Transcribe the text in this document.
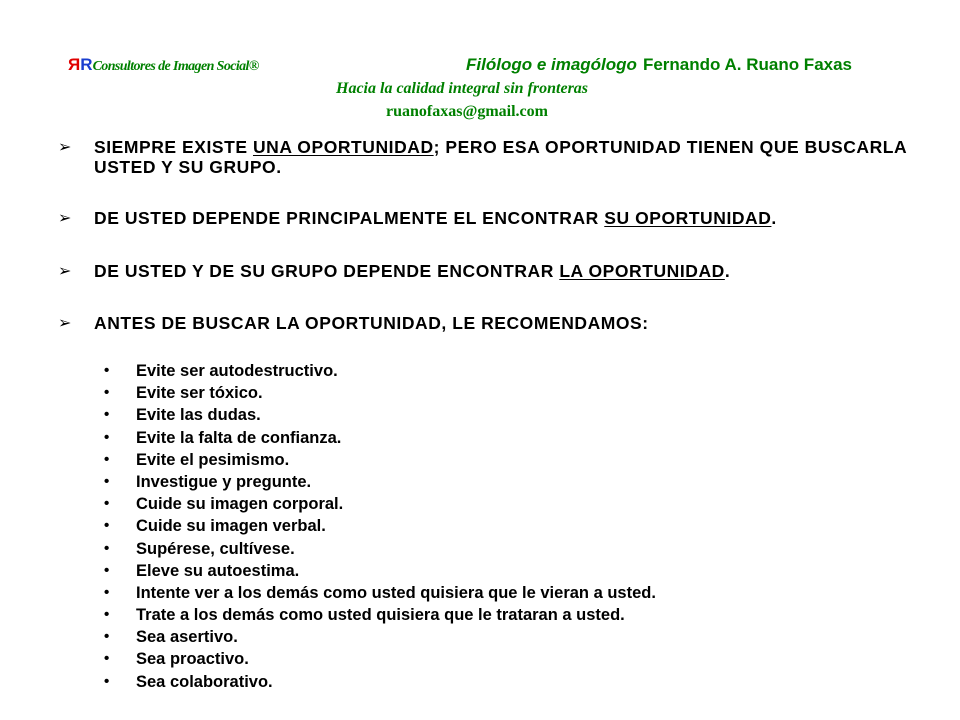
RRConsultores de Imagen Social®	Filólogo e imagólogo Fernando A. Ruano Faxas
Hacia la calidad integral sin fronteras
ruanofaxas@gmail.com
➢ SIEMPRE EXISTE UNA OPORTUNIDAD; PERO ESA OPORTUNIDAD TIENEN QUE BUSCARLA USTED Y SU GRUPO.
➢ DE USTED DEPENDE PRINCIPALMENTE EL ENCONTRAR SU OPORTUNIDAD.
➢ DE USTED Y DE SU GRUPO DEPENDE ENCONTRAR LA OPORTUNIDAD.
➢ ANTES DE BUSCAR LA OPORTUNIDAD, LE RECOMENDAMOS:
• Evite ser autodestructivo.
• Evite ser tóxico.
• Evite las dudas.
• Evite la falta de confianza.
• Evite el pesimismo.
• Investigue y pregunte.
• Cuide su imagen corporal.
• Cuide su imagen verbal.
• Supérese, cultívese.
• Eleve su autoestima.
• Intente ver a los demás como usted quisiera que le vieran a usted.
• Trate a los demás como usted quisiera que le trataran a usted.
• Sea asertivo.
• Sea proactivo.
• Sea colaborativo.
